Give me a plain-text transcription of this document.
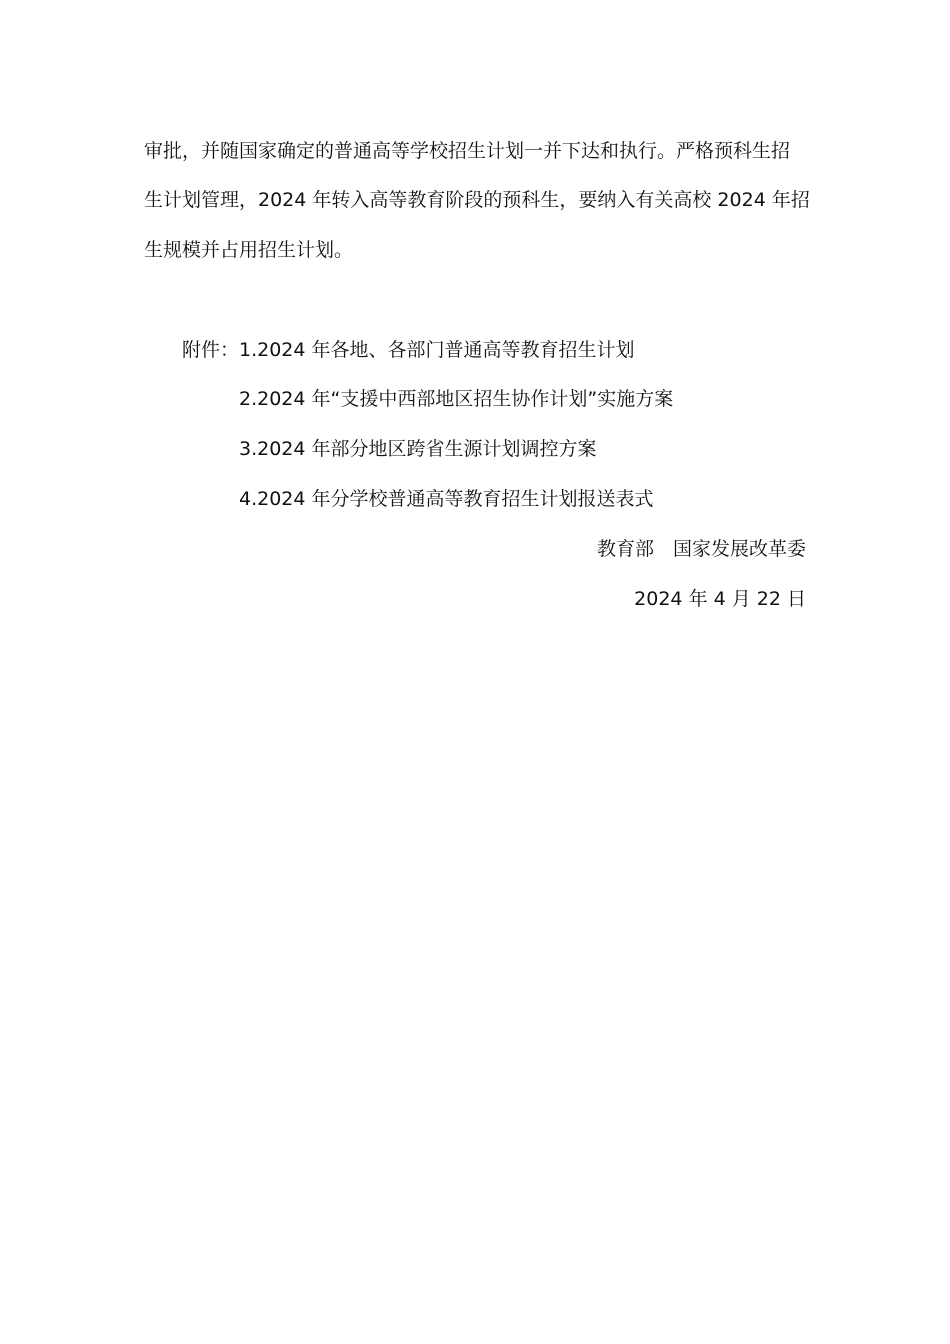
审批，并随国家确定的普通高等学校招生计划一并下达和执行。严格预科生招
生计划管理，2024 年转入高等教育阶段的预科生，要纳入有关高校 2024 年招
生规模并占用招生计划。
附件： 1.2024 年各地、各部门普通高等教育招生计划
2.2024 年“支援中西部地区招生协作计划”实施方案
3.2024 年部分地区跨省生源计划调控方案
4.2024 年分学校普通高等教育招生计划报送表式
教育部　国家发展改革委
2024 年 4 月 22 日
